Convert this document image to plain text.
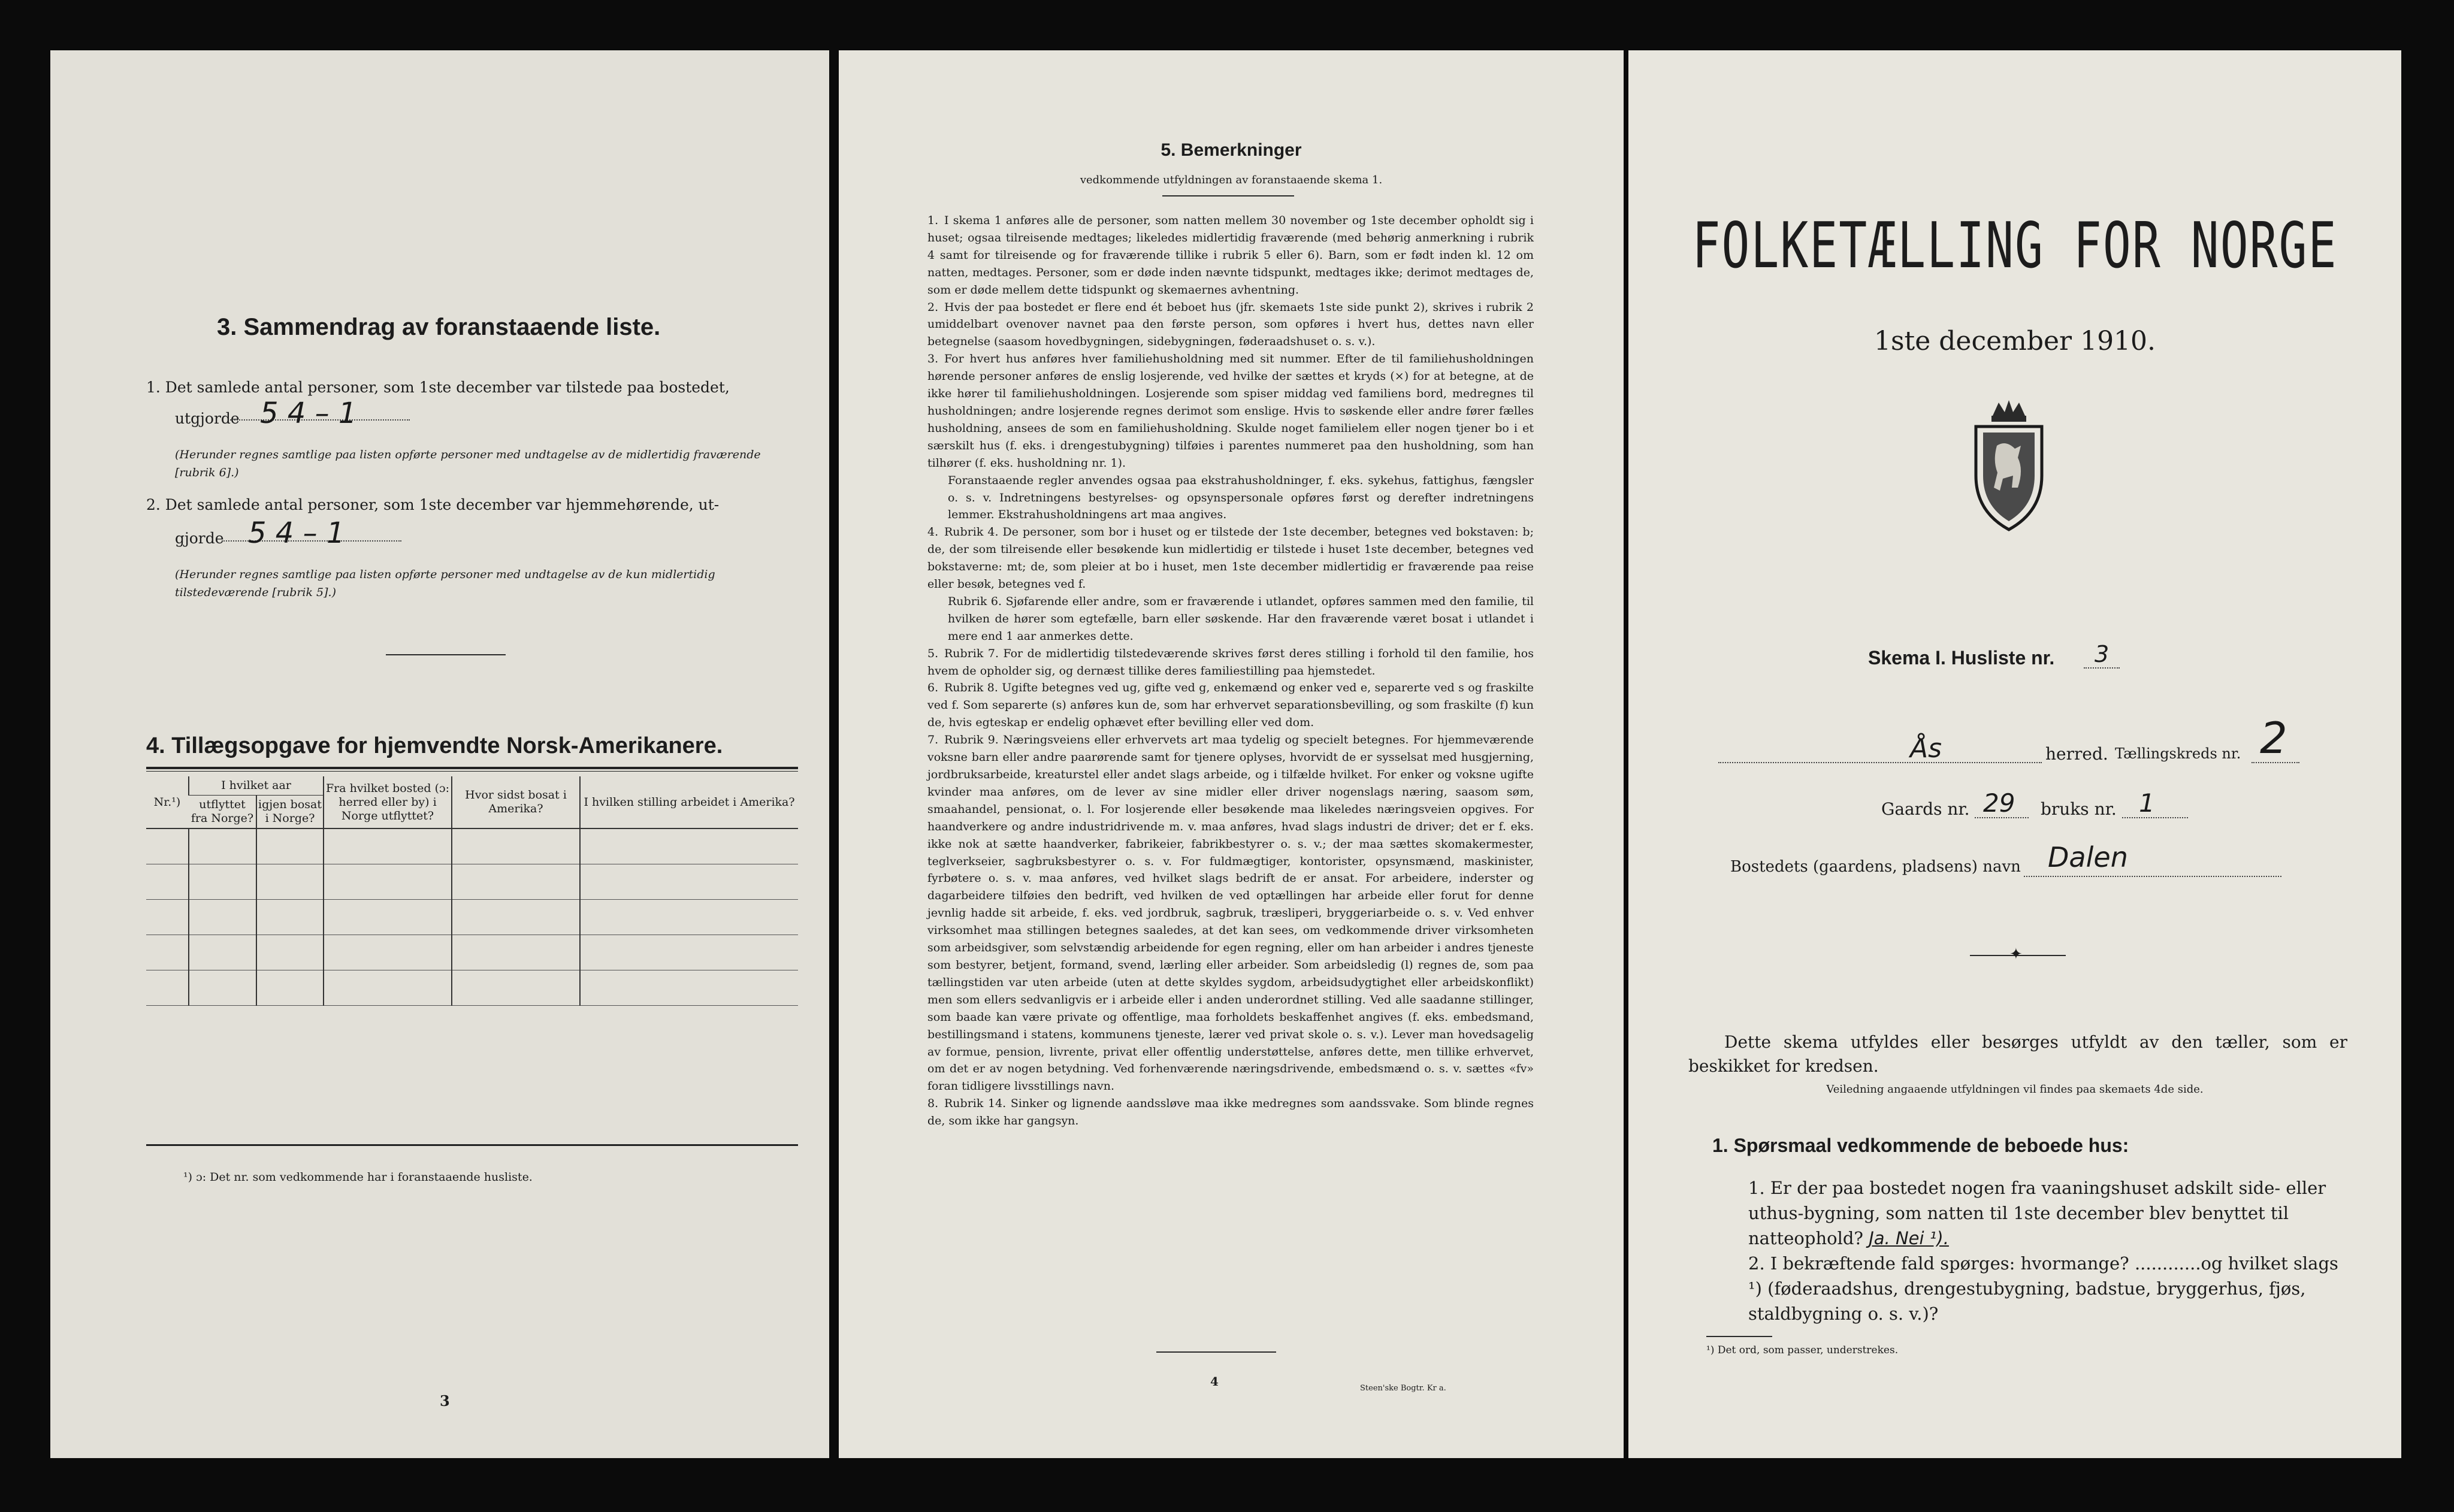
3. Sammendrag av foranstaaende liste.
1. Det samlede antal personer, som 1ste december var tilstede paa bostedet,
utgjorde 5 4 – 1
(Herunder regnes samtlige paa listen opførte personer med undtagelse av de midlertidig fraværende [rubrik 6].)
2. Det samlede antal personer, som 1ste december var hjemmehørende, ut-
gjorde 5 4 – 1
(Herunder regnes samtlige paa listen opførte personer med undtagelse av de kun midlertidig tilstedeværende [rubrik 5].)
4. Tillægsopgave for hjemvendte Norsk-Amerikanere.
Nr.¹)	I hvilket aar		Fra hvilket bosted (ɔ: herred eller by) i Norge utflyttet?	Hvor sidst bosat i Amerika?	I hvilken stilling arbeidet i Amerika?
	utflyttet fra Norge?	igjen bosat i Norge?			

¹) ɔ: Det nr. som vedkommende har i foranstaaende husliste.
3
5. Bemerkninger
vedkommende utfyldningen av foranstaaende skema 1.

1. I skema 1 anføres alle de personer, som natten mellem 30 november og 1ste december opholdt sig i huset; ogsaa tilreisende medtages; likeledes midlertidig fraværende (med behørig anmerkning i rubrik 4 samt for tilreisende og for fraværende tillike i rubrik 5 eller 6). Barn, som er født inden kl. 12 om natten, medtages. Personer, som er døde inden nævnte tidspunkt, medtages ikke; derimot medtages de, som er døde mellem dette tidspunkt og skemaernes avhentning.

2. Hvis der paa bostedet er flere end ét beboet hus (jfr. skemaets 1ste side punkt 2), skrives i rubrik 2 umiddelbart ovenover navnet paa den første person, som opføres i hvert hus, dettes navn eller betegnelse (saasom hovedbygningen, sidebygningen, føderaadshuset o. s. v.).

3. For hvert hus anføres hver familiehusholdning med sit nummer. Efter de til familiehusholdningen hørende personer anføres de enslig losjerende, ved hvilke der sættes et kryds (×) for at betegne, at de ikke hører til familiehusholdningen. Losjerende som spiser middag ved familiens bord, medregnes til husholdningen; andre losjerende regnes derimot som enslige. Hvis to søskende eller andre fører fælles husholdning, ansees de som en familiehusholdning. Skulde noget familielem eller nogen tjener bo i et særskilt hus (f. eks. i drengestubygning) tilføies i parentes nummeret paa den husholdning, som han tilhører (f. eks. husholdning nr. 1).

Foranstaaende regler anvendes ogsaa paa ekstrahusholdninger, f. eks. sykehus, fattighus, fængsler o. s. v. Indretningens bestyrelses- og opsynspersonale opføres først og derefter indretningens lemmer. Ekstrahusholdningens art maa angives.

4. Rubrik 4. De personer, som bor i huset og er tilstede der 1ste december, betegnes ved bokstaven: b; de, der som tilreisende eller besøkende kun midlertidig er tilstede i huset 1ste december, betegnes ved bokstaverne: mt; de, som pleier at bo i huset, men 1ste december midlertidig er fraværende paa reise eller besøk, betegnes ved f.

Rubrik 6. Sjøfarende eller andre, som er fraværende i utlandet, opføres sammen med den familie, til hvilken de hører som egtefælle, barn eller søskende. Har den fraværende været bosat i utlandet i mere end 1 aar anmerkes dette.

5. Rubrik 7. For de midlertidig tilstedeværende skrives først deres stilling i forhold til den familie, hos hvem de opholder sig, og dernæst tillike deres familiestilling paa hjemstedet.

6. Rubrik 8. Ugifte betegnes ved ug, gifte ved g, enkemænd og enker ved e, separerte ved s og fraskilte ved f. Som separerte (s) anføres kun de, som har erhvervet separationsbevilling, og som fraskilte (f) kun de, hvis egteskap er endelig ophævet efter bevilling eller ved dom.

7. Rubrik 9. Næringsveiens eller erhvervets art maa tydelig og specielt betegnes. For hjemmeværende voksne barn eller andre paarørende samt for tjenere oplyses, hvorvidt de er sysselsat med husgjerning, jordbruksarbeide, kreaturstel eller andet slags arbeide, og i tilfælde hvilket. For enker og voksne ugifte kvinder maa anføres, om de lever av sine midler eller driver nogenslags næring, saasom søm, smaahandel, pensionat, o. l. For losjerende eller besøkende maa likeledes næringsveien opgives. For haandverkere og andre industridrivende m. v. maa anføres, hvad slags industri de driver; det er f. eks. ikke nok at sætte haandverker, fabrikeier, fabrikbestyrer o. s. v.; der maa sættes skomakermester, teglverkseier, sagbruksbestyrer o. s. v. For fuldmægtiger, kontorister, opsynsmænd, maskinister, fyrbøtere o. s. v. maa anføres, ved hvilket slags bedrift de er ansat. For arbeidere, inderster og dagarbeidere tilføies den bedrift, ved hvilken de ved optællingen har arbeide eller forut for denne jevnlig hadde sit arbeide, f. eks. ved jordbruk, sagbruk, træsliperi, bryggeriarbeide o. s. v. Ved enhver virksomhet maa stillingen betegnes saaledes, at det kan sees, om vedkommende driver virksomheten som arbeidsgiver, som selvstændig arbeidende for egen regning, eller om han arbeider i andres tjeneste som bestyrer, betjent, formand, svend, lærling eller arbeider. Som arbeidsledig (l) regnes de, som paa tællingstiden var uten arbeide (uten at dette skyldes sygdom, arbeidsudygtighet eller arbeidskonflikt) men som ellers sedvanligvis er i arbeide eller i anden underordnet stilling. Ved alle saadanne stillinger, som baade kan være private og offentlige, maa forholdets beskaffenhet angives (f. eks. embedsmand, bestillingsmand i statens, kommunens tjeneste, lærer ved privat skole o. s. v.). Lever man hovedsagelig av formue, pension, livrente, privat eller offentlig understøttelse, anføres dette, men tillike erhvervet, om det er av nogen betydning. Ved forhenværende næringsdrivende, embedsmænd o. s. v. sættes «fv» foran tidligere livsstillings navn.

8. Rubrik 14. Sinker og lignende aandssløve maa ikke medregnes som aandssvake. Som blinde regnes de, som ikke har gangsyn.

4	Steen'ske Bogtr. Kr a.
FOLKETÆLLING FOR NORGE
1ste december 1910.
Skema I. Husliste nr. 3
Ås	herred. Tællingskreds nr. 2
Gaards nr. 29 bruks nr. 1
Bostedets (gaardens, pladsens) navn Dalen
✦
Dette skema utfyldes eller besørges utfyldt av den tæller, som er beskikket for kredsen.
Veiledning angaaende utfyldningen vil findes paa skemaets 4de side.
1. Spørsmaal vedkommende de beboede hus:
1. Er der paa bostedet nogen fra vaaningshuset adskilt side- eller uthus-bygning, som natten til 1ste december blev benyttet til natteophold? Ja. Nei ¹).
2. I bekræftende fald spørges: hvormange? ............og hvilket slags ¹) (føderaadshus, drengestubygning, badstue, bryggerhus, fjøs, staldbygning o. s. v.)?
¹) Det ord, som passer, understrekes.
